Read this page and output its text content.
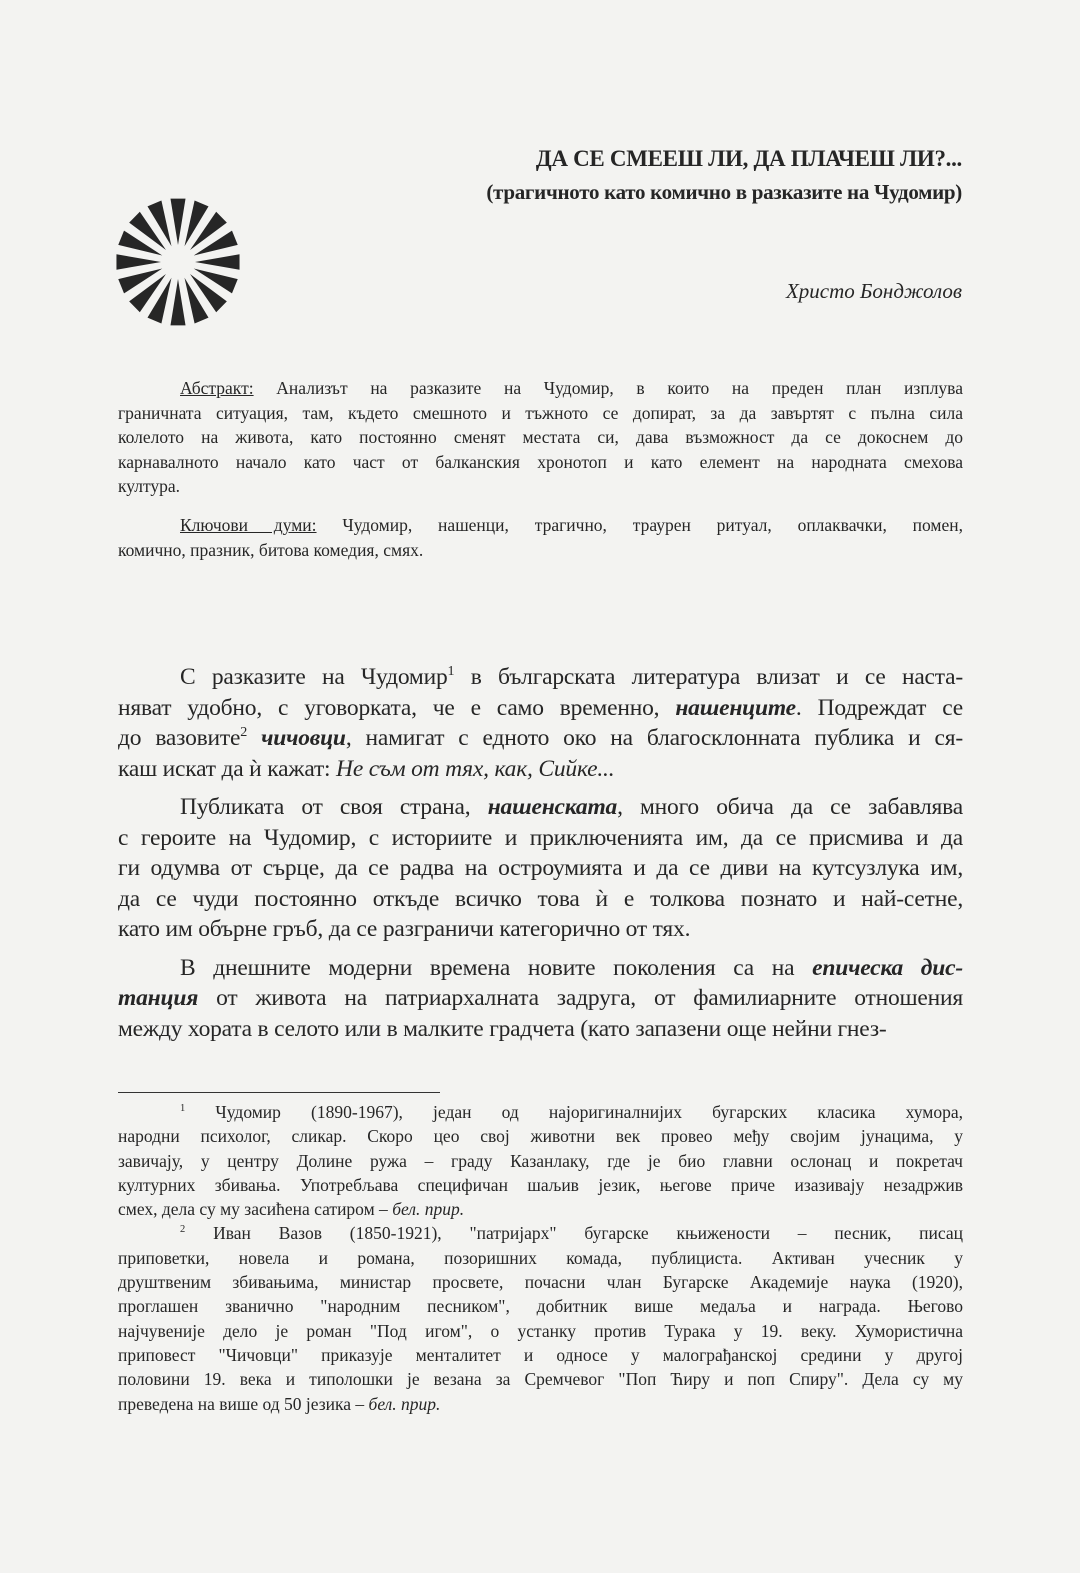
ДА СЕ СМЕЕШ ЛИ, ДА ПЛАЧЕШ ЛИ?...
(трагичното като комично в разказите на Чудомир)
Христо Бонджолов
Абстракт: Анализът на разказите на Чудомир, в които на преден план изплува
граничната ситуация, там, където смешното и тъжното се допират, за да завъртят с пълна сила
колелото на живота, като постоянно сменят местата си, дава възможност да се докоснем до
карнавалното начало като част от балканския хронотоп и като елемент на народната смехова
култура.
Ключови думи: Чудомир, нашенци, трагично, траурен ритуал, оплаквачки, помен,
комично, празник, битова комедия, смях.
С разказите на Чудомир$^1$ в българската литература влизат и се наста-
няват удобно, с уговорката, че е само временно, нашенците. Подреждат се
до вазовите$^2$ чичовци, намигат с едното око на благосклонната публика и ся-
каш искат да ѝ кажат: Не съм от тях, как, Сийке...
Публиката от своя страна, нашенската, много обича да се забавлява
с героите на Чудомир, с историите и приключенията им, да се присмива и да
ги одумва от сърце, да се радва на остроумията и да се диви на кутсузлука им,
да се чуди постоянно откъде всичко това ѝ е толкова познато и най-сетне,
като им обърне гръб, да се разграничи категорично от тях.
В днешните модерни времена новите поколения са на епическа дис-
танция от живота на патриархалната задруга, от фамилиарните отношения
между хората в селото или в малките градчета (като запазени още нейни гнез-
$^1$ Чудомир (1890-1967), један од најоригиналнијих бугарских класика хумора,
народни психолог, сликар. Скоро цео свој животни век провео међу својим јунацима, у
завичају, у центру Долине ружа – граду Казанлаку, где је био главни ослонац и покретач
културних збивања. Употребљава специфичан шаљив језик, његове приче изазивају незадржив
смех, дела су му засићена сатиром – бел. прир.
$^2$ Иван Вазов (1850-1921), "патријарх" бугарске књижености – песник, писац
приповетки, новела и романа, позоришних комада, публициста. Активан учесник у
друштвеним збивањима, министар просвете, почасни члан Бугарске Академије наука (1920),
проглашен званично "народним песником", добитник више медаља и награда. Његово
најчувеније дело је роман "Под игом", о устанку против Турака у 19. веку. Хумористична
приповест "Чичовци" приказује менталитет и односе у малограђанској средини у другој
половини 19. века и типолошки је везана за Сремчевог "Поп Ћиру и поп Спиру". Дела су му
преведена на више од 50 језика – бел. прир.
